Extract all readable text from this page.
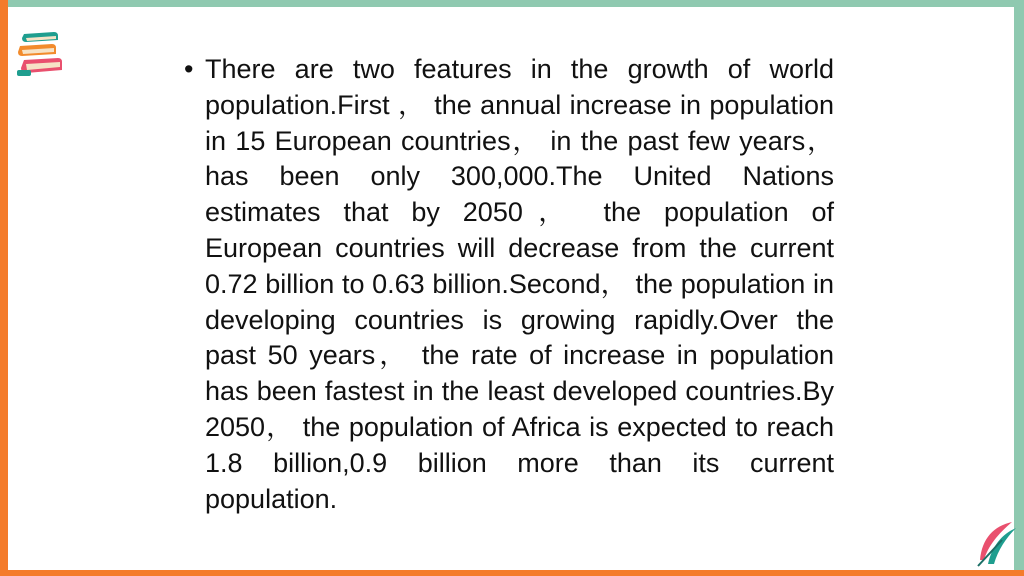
• There are two features in the growth of world population.First ， the annual increase in population in 15 European countries， in the past few years， has been only 300,000.The United Nations estimates that by 2050， the population of European countries will decrease from the current 0.72 billion to 0.63 billion.Second， the population in developing countries is growing rapidly.Over the past 50 years， the rate of increase in population has been fastest in the least developed countries.By 2050， the population of Africa is expected to reach 1.8 billion,0.9 billion more than its current population.
